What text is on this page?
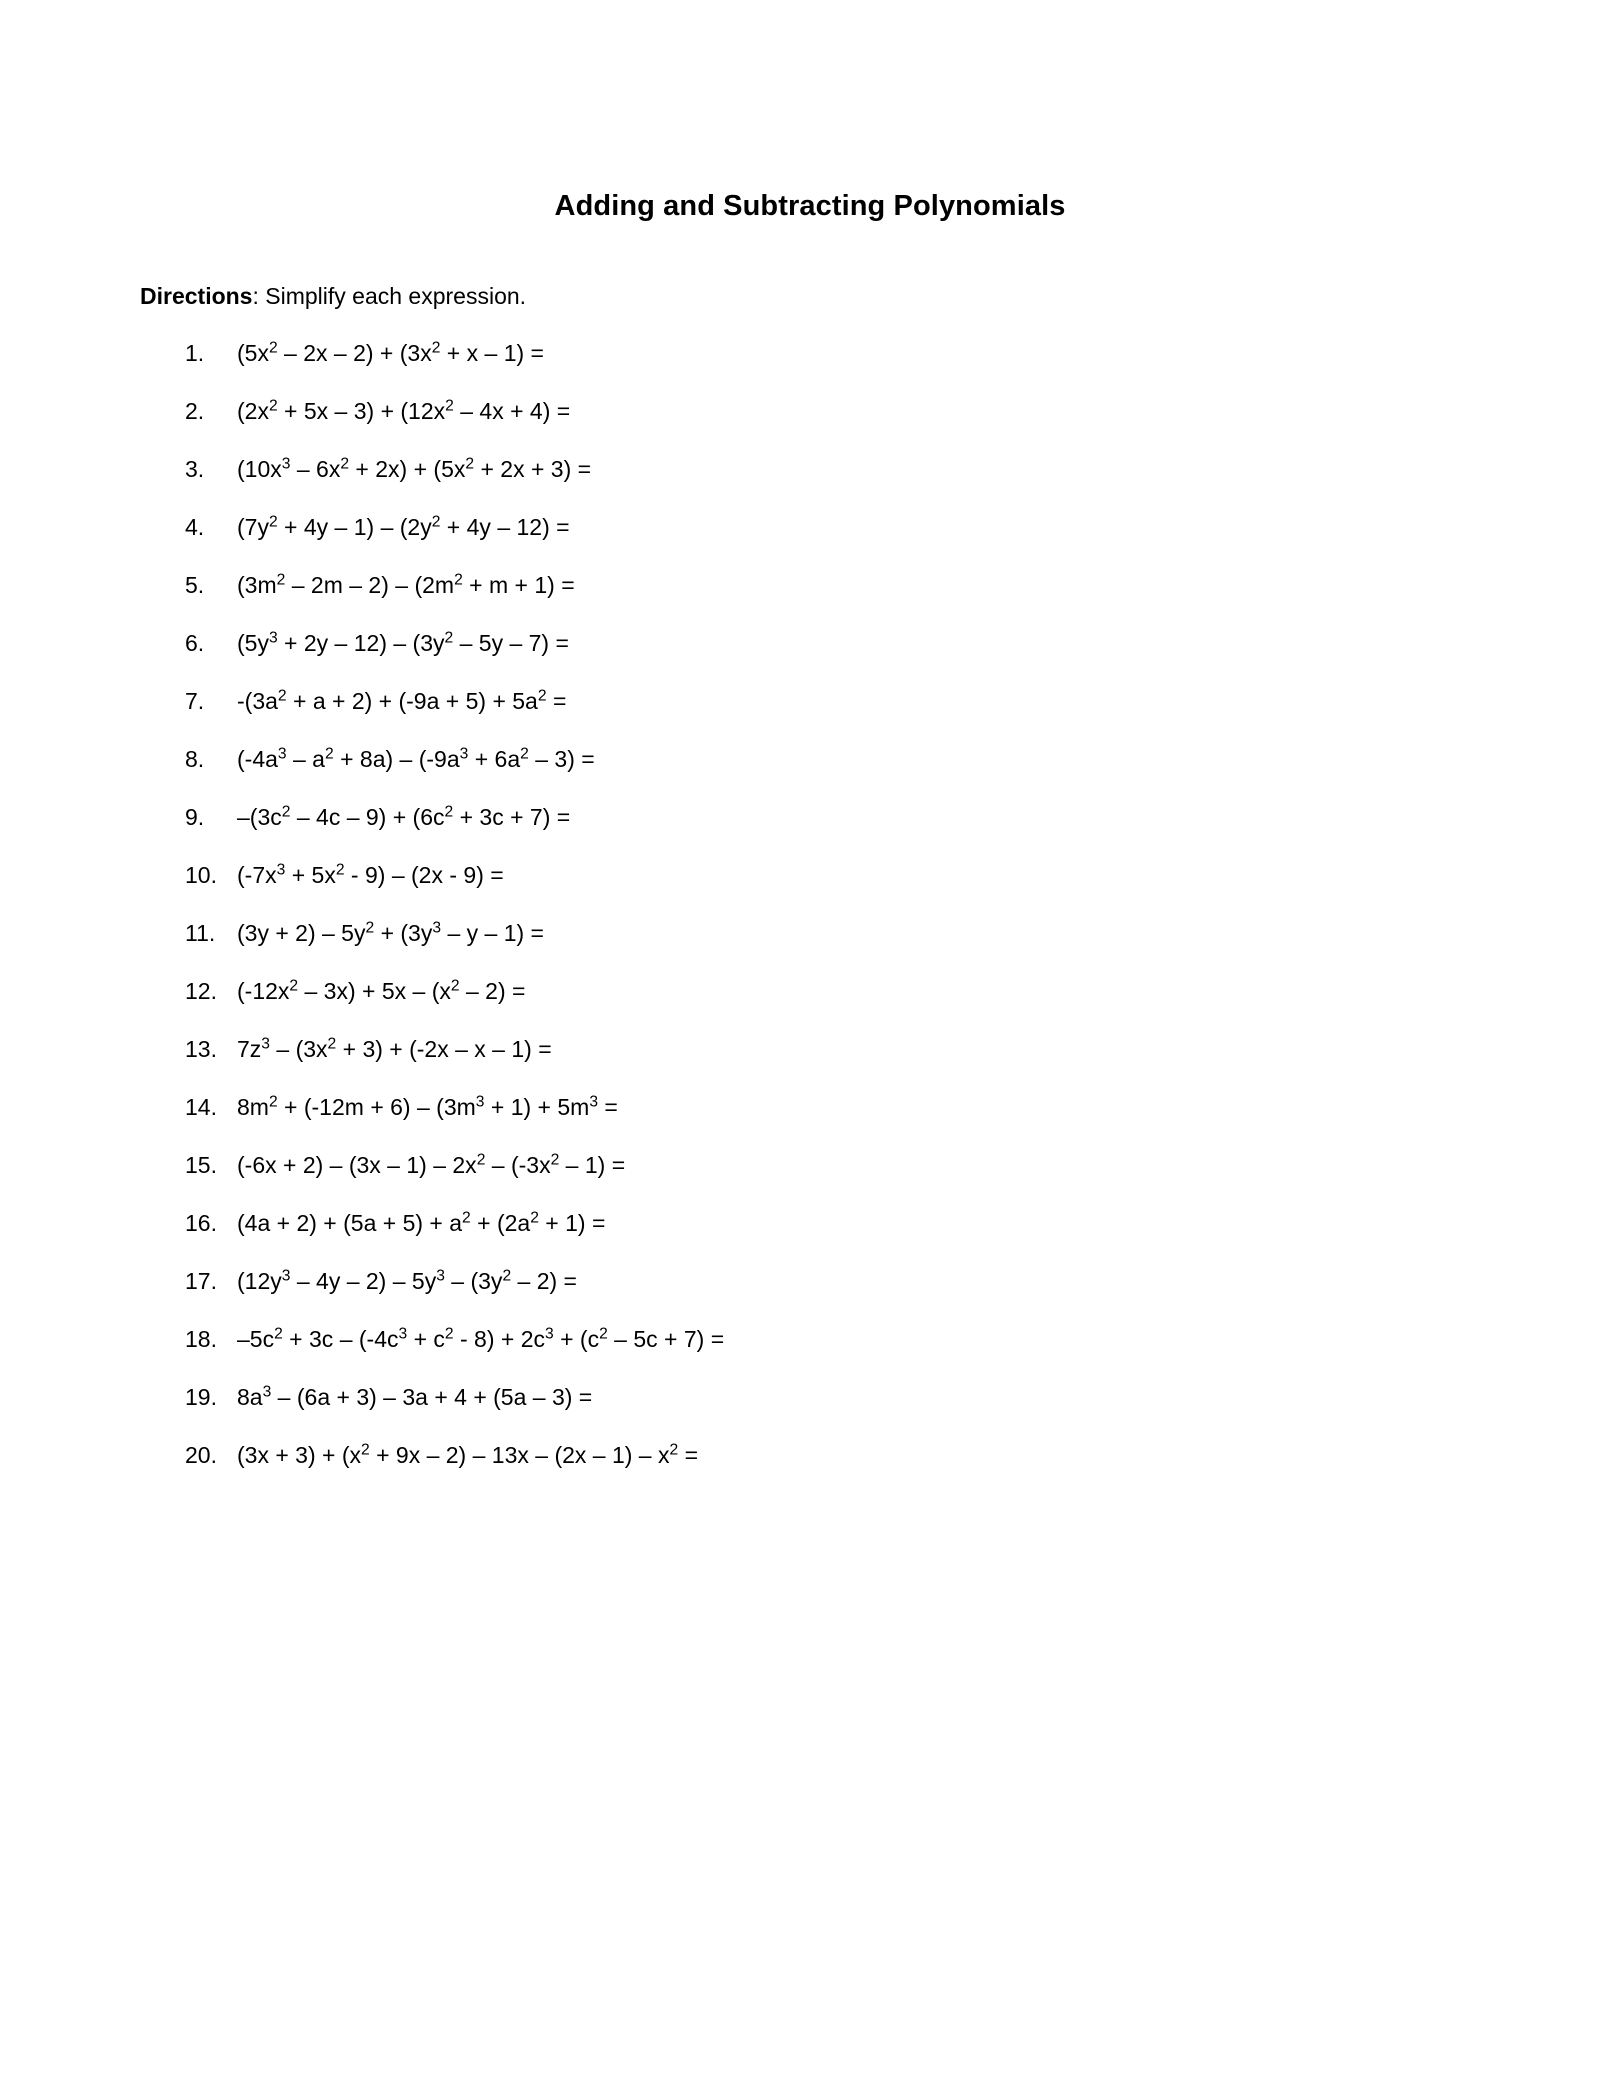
Adding and Subtracting Polynomials

Directions: Simplify each expression.

1.	$(5x^2 - 2x - 2) + (3x^2 + x - 1)$ =
2.	$(2x^2 + 5x - 3) + (12x^2 - 4x + 4)$ =
3.	$(10x^3 - 6x^2 + 2x) + (5x^2 + 2x + 3)$ =
4.	$(7y^2 + 4y - 1) - (2y^2 + 4y - 12)$ =
5.	$(3m^2 - 2m - 2) - (2m^2 + m + 1)$ =
6.	$(5y^3 + 2y - 12) - (3y^2 - 5y - 7)$ =
7.	$-(3a^2 + a + 2) + (-9a + 5) + 5a^2$ =
8.	$(-4a^3 - a^2 + 8a) - (-9a^3 + 6a^2 - 3)$ =
9.	$-(3c^2 - 4c - 9) + (6c^2 + 3c + 7)$ =
10. $(-7x^3 + 5x^2 - 9) - (2x - 9)$ =
11. $(3y + 2) - 5y^2 + (3y^3 - y - 1)$ =
12. $(-12x^2 - 3x) + 5x - (x^2 - 2)$ =
13. $7z^3 - (3x^2 + 3) + (-2x - x - 1)$ =
14. $8m^2 + (-12m + 6) - (3m^3 + 1) + 5m^3$ =
15. $(-6x + 2) - (3x - 1) - 2x^2 - (-3x^2 - 1)$ =
16. $(4a + 2) + (5a + 5) + a^2 + (2a^2 + 1)$ =
17. $(12y^3 - 4y - 2) - 5y^3 - (3y^2 - 2)$ =
18. $-5c^2 + 3c - (-4c^3 + c^2 - 8) + 2c^3 + (c^2 - 5c + 7)$ =
19. $8a^3 - (6a + 3) - 3a + 4 + (5a - 3)$ =
20. $(3x + 3) + (x^2 + 9x - 2) - 13x - (2x - 1) - x^2$ =
